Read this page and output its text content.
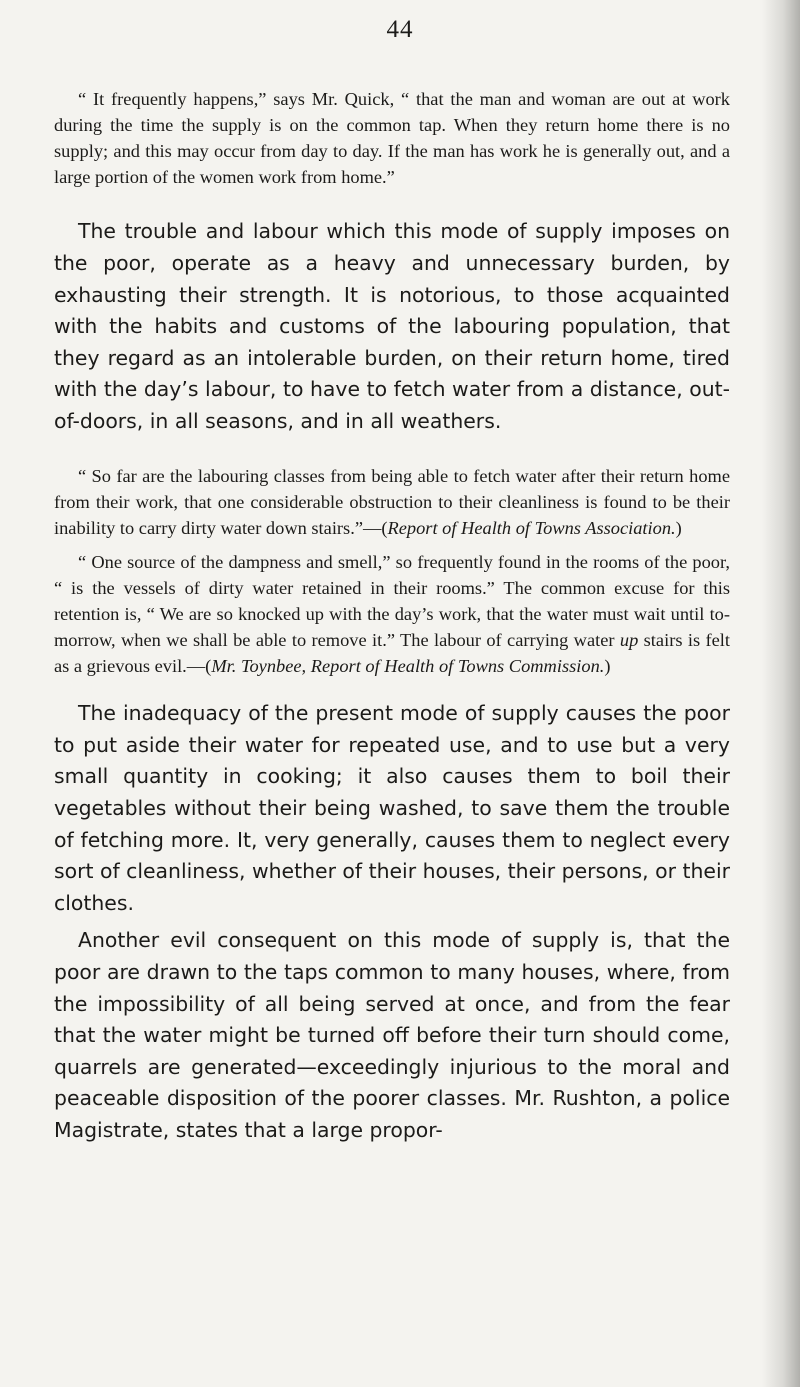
44

“ It frequently happens,” says Mr. Quick, “ that the man and woman are out at work during the time the supply is on the common tap. When they return home there is no supply; and this may occur from day to day. If the man has work he is generally out, and a large portion of the women work from home.”

The trouble and labour which this mode of supply imposes on the poor, operate as a heavy and unnecessary burden, by exhausting their strength. It is notorious, to those acquainted with the habits and customs of the labouring population, that they regard as an intolerable burden, on their return home, tired with the day’s labour, to have to fetch water from a distance, out-of-doors, in all seasons, and in all weathers.

“ So far are the labouring classes from being able to fetch water after their return home from their work, that one considerable obstruction to their cleanliness is found to be their inability to carry dirty water down stairs.”—(Report of Health of Towns Association.)

“ One source of the dampness and smell,” so frequently found in the rooms of the poor, “ is the vessels of dirty water retained in their rooms.” The common excuse for this retention is, “ We are so knocked up with the day’s work, that the water must wait until to-morrow, when we shall be able to remove it.” The labour of carrying water up stairs is felt as a grievous evil.—(Mr. Toynbee, Report of Health of Towns Commission.)

The inadequacy of the present mode of supply causes the poor to put aside their water for repeated use, and to use but a very small quantity in cooking; it also causes them to boil their vegetables without their being washed, to save them the trouble of fetching more. It, very generally, causes them to neglect every sort of cleanliness, whether of their houses, their persons, or their clothes.

Another evil consequent on this mode of supply is, that the poor are drawn to the taps common to many houses, where, from the impossibility of all being served at once, and from the fear that the water might be turned off before their turn should come, quarrels are generated—exceedingly injurious to the moral and peaceable disposition of the poorer classes. Mr. Rushton, a police Magistrate, states that a large propor-
